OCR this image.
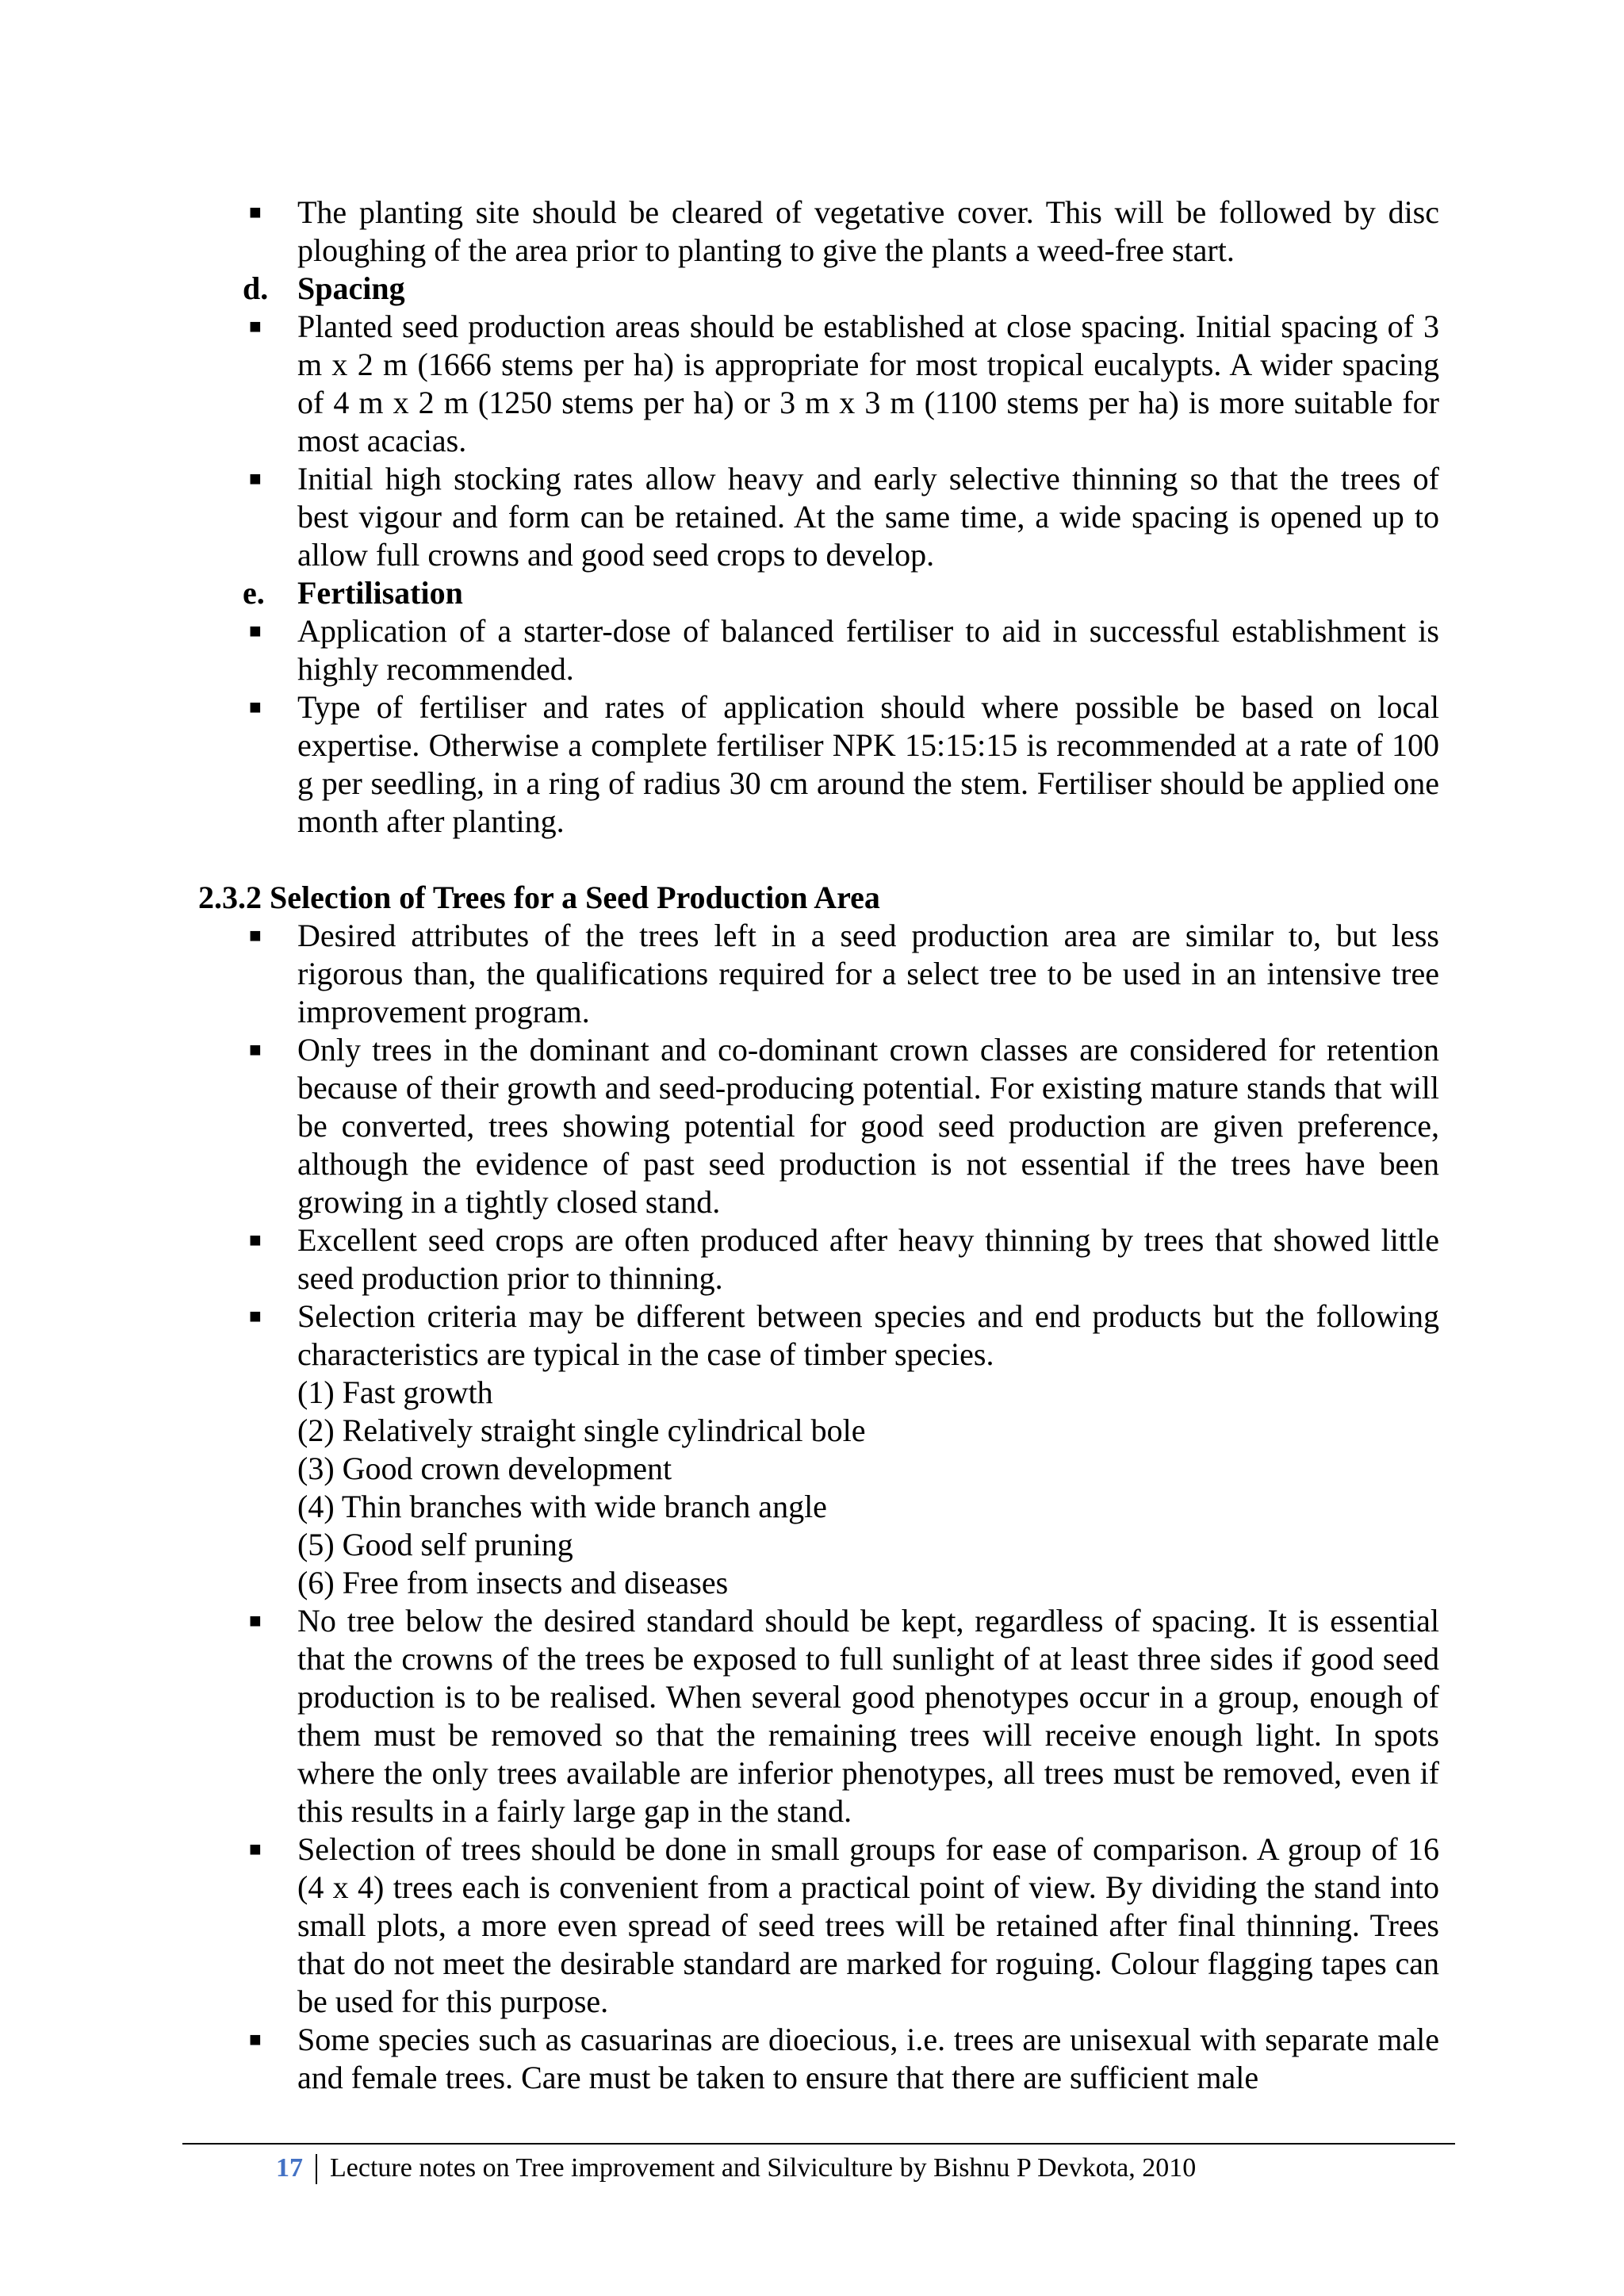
■ The planting site should be cleared of vegetative cover. This will be followed by disc ploughing of the area prior to planting to give the plants a weed-free start.
d. Spacing
■ Planted seed production areas should be established at close spacing. Initial spacing of 3 m x 2 m (1666 stems per ha) is appropriate for most tropical eucalypts. A wider spacing of 4 m x 2 m (1250 stems per ha) or 3 m x 3 m (1100 stems per ha) is more suitable for most acacias.
■ Initial high stocking rates allow heavy and early selective thinning so that the trees of best vigour and form can be retained. At the same time, a wide spacing is opened up to allow full crowns and good seed crops to develop.
e. Fertilisation
■ Application of a starter-dose of balanced fertiliser to aid in successful establishment is highly recommended.
■ Type of fertiliser and rates of application should where possible be based on local expertise. Otherwise a complete fertiliser NPK 15:15:15 is recommended at a rate of 100 g per seedling, in a ring of radius 30 cm around the stem. Fertiliser should be applied one month after planting.
2.3.2 Selection of Trees for a Seed Production Area
■ Desired attributes of the trees left in a seed production area are similar to, but less rigorous than, the qualifications required for a select tree to be used in an intensive tree improvement program.
■ Only trees in the dominant and co-dominant crown classes are considered for retention because of their growth and seed-producing potential. For existing mature stands that will be converted, trees showing potential for good seed production are given preference, although the evidence of past seed production is not essential if the trees have been growing in a tightly closed stand.
■ Excellent seed crops are often produced after heavy thinning by trees that showed little seed production prior to thinning.
■ Selection criteria may be different between species and end products but the following characteristics are typical in the case of timber species.
(1) Fast growth
(2) Relatively straight single cylindrical bole
(3) Good crown development
(4) Thin branches with wide branch angle
(5) Good self pruning
(6) Free from insects and diseases
■ No tree below the desired standard should be kept, regardless of spacing. It is essential that the crowns of the trees be exposed to full sunlight of at least three sides if good seed production is to be realised. When several good phenotypes occur in a group, enough of them must be removed so that the remaining trees will receive enough light. In spots where the only trees available are inferior phenotypes, all trees must be removed, even if this results in a fairly large gap in the stand.
■ Selection of trees should be done in small groups for ease of comparison. A group of 16 (4 x 4) trees each is convenient from a practical point of view. By dividing the stand into small plots, a more even spread of seed trees will be retained after final thinning. Trees that do not meet the desirable standard are marked for roguing. Colour flagging tapes can be used for this purpose.
■ Some species such as casuarinas are dioecious, i.e. trees are unisexual with separate male and female trees. Care must be taken to ensure that there are sufficient male
17 Lecture notes on Tree improvement and Silviculture by Bishnu P Devkota, 2010
